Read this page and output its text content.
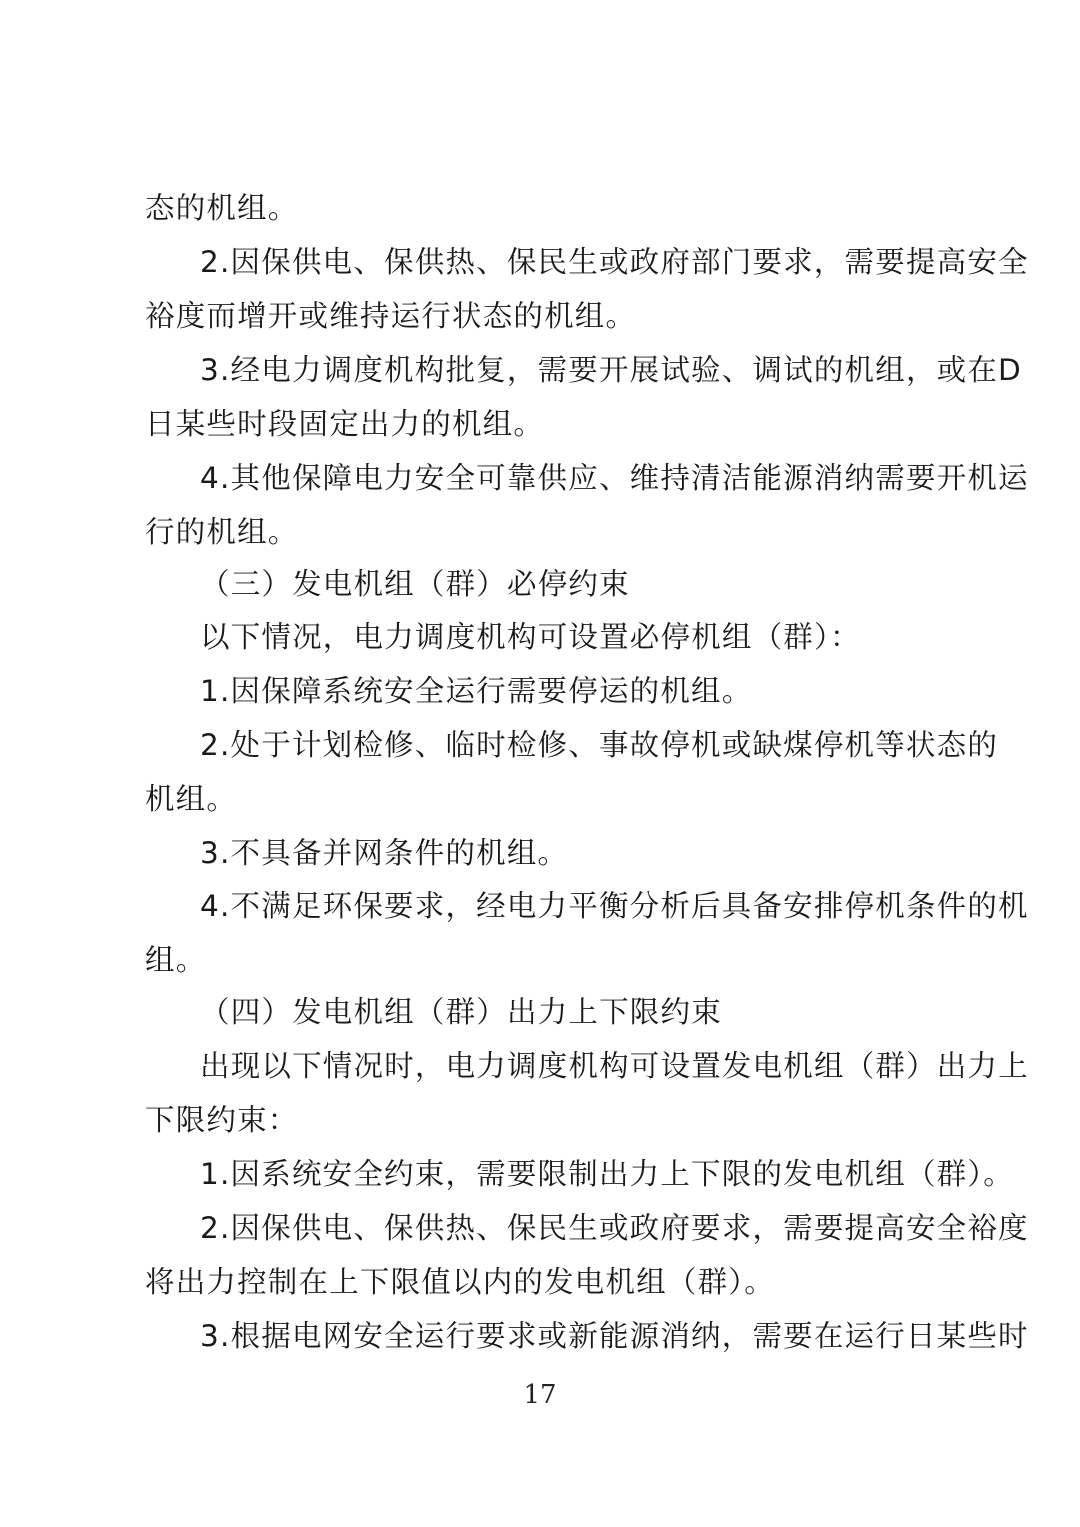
态的机组。
2.因保供电、保供热、保民生或政府部门要求，需要提高安全
裕度而增开或维持运行状态的机组。
3.经电力调度机构批复，需要开展试验、调试的机组，或在D
日某些时段固定出力的机组。
4.其他保障电力安全可靠供应、维持清洁能源消纳需要开机运
行的机组。
（三）发电机组（群）必停约束
以下情况，电力调度机构可设置必停机组（群）：
1.因保障系统安全运行需要停运的机组。
2.处于计划检修、临时检修、事故停机或缺煤停机等状态的
机组。
3.不具备并网条件的机组。
4.不满足环保要求，经电力平衡分析后具备安排停机条件的机
组。
（四）发电机组（群）出力上下限约束
出现以下情况时，电力调度机构可设置发电机组（群）出力上
下限约束：
1.因系统安全约束，需要限制出力上下限的发电机组（群）。
2.因保供电、保供热、保民生或政府要求，需要提高安全裕度
将出力控制在上下限值以内的发电机组（群）。
3.根据电网安全运行要求或新能源消纳，需要在运行日某些时
17
